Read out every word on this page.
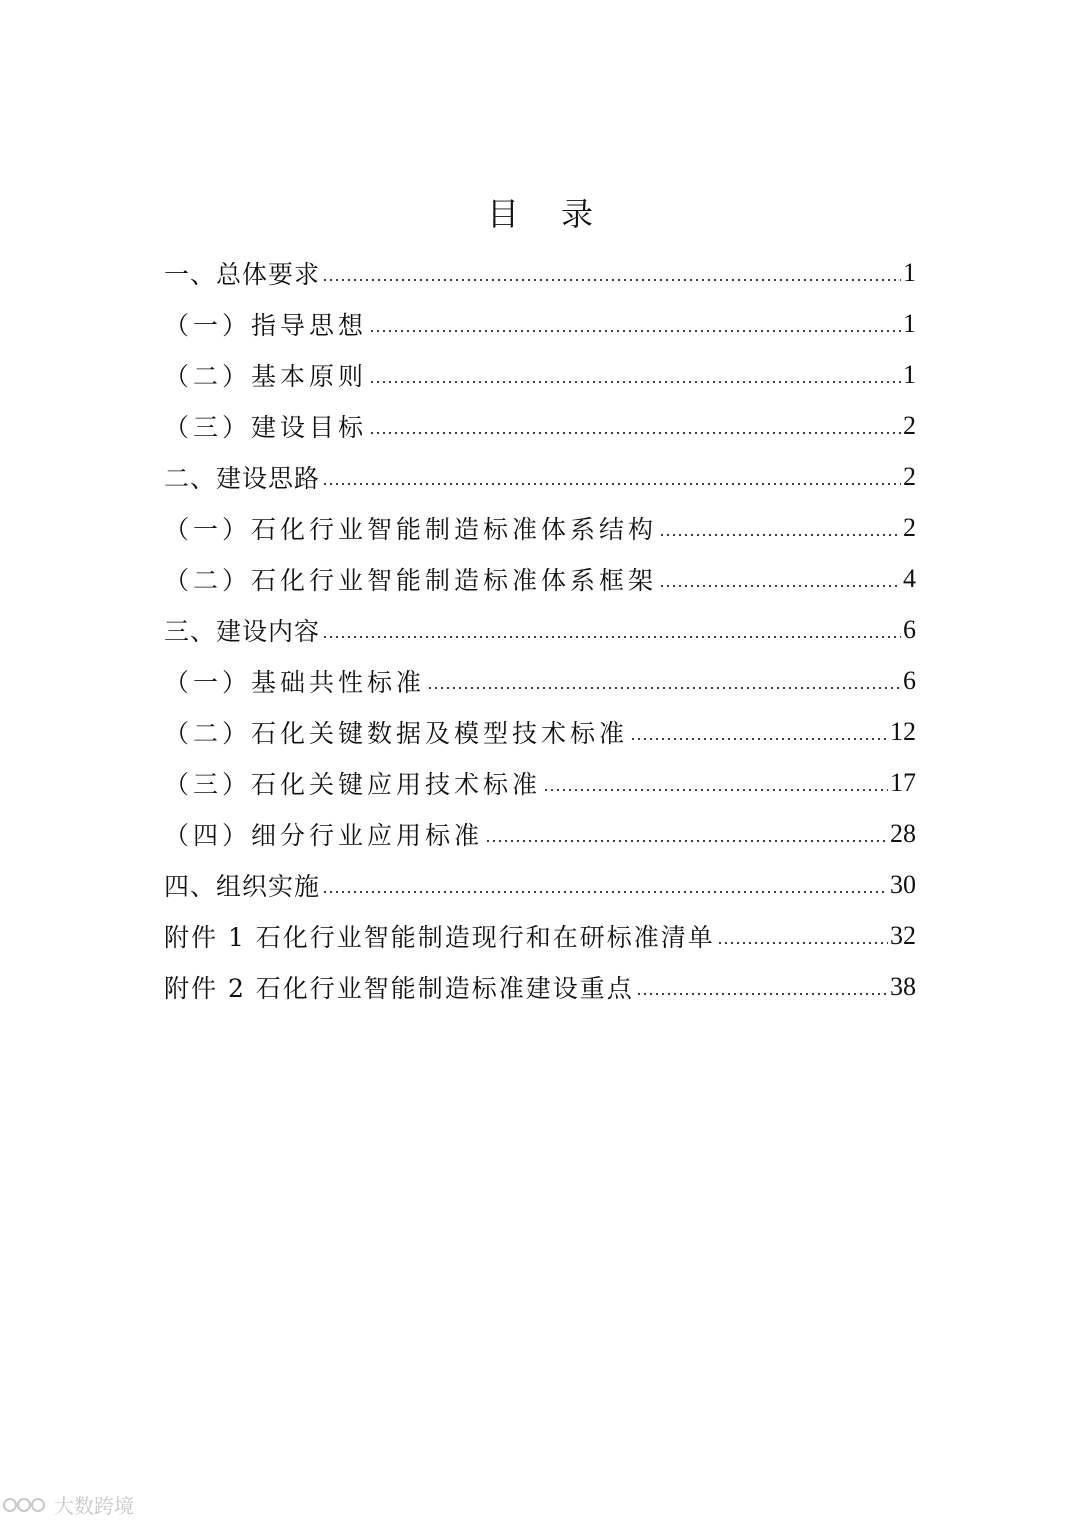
目 录
一、总体要求	1
（一）指导思想	1
（二）基本原则	1
（三）建设目标	2
二、建设思路	2
（一）石化行业智能制造标准体系结构	2
（二）石化行业智能制造标准体系框架	4
三、建设内容	6
（一）基础共性标准	6
（二）石化关键数据及模型技术标准	12
（三）石化关键应用技术标准	17
（四）细分行业应用标准	28
四、组织实施	30
附件 1 石化行业智能制造现行和在研标准清单	32
附件 2 石化行业智能制造标准建设重点	38
大数跨境
